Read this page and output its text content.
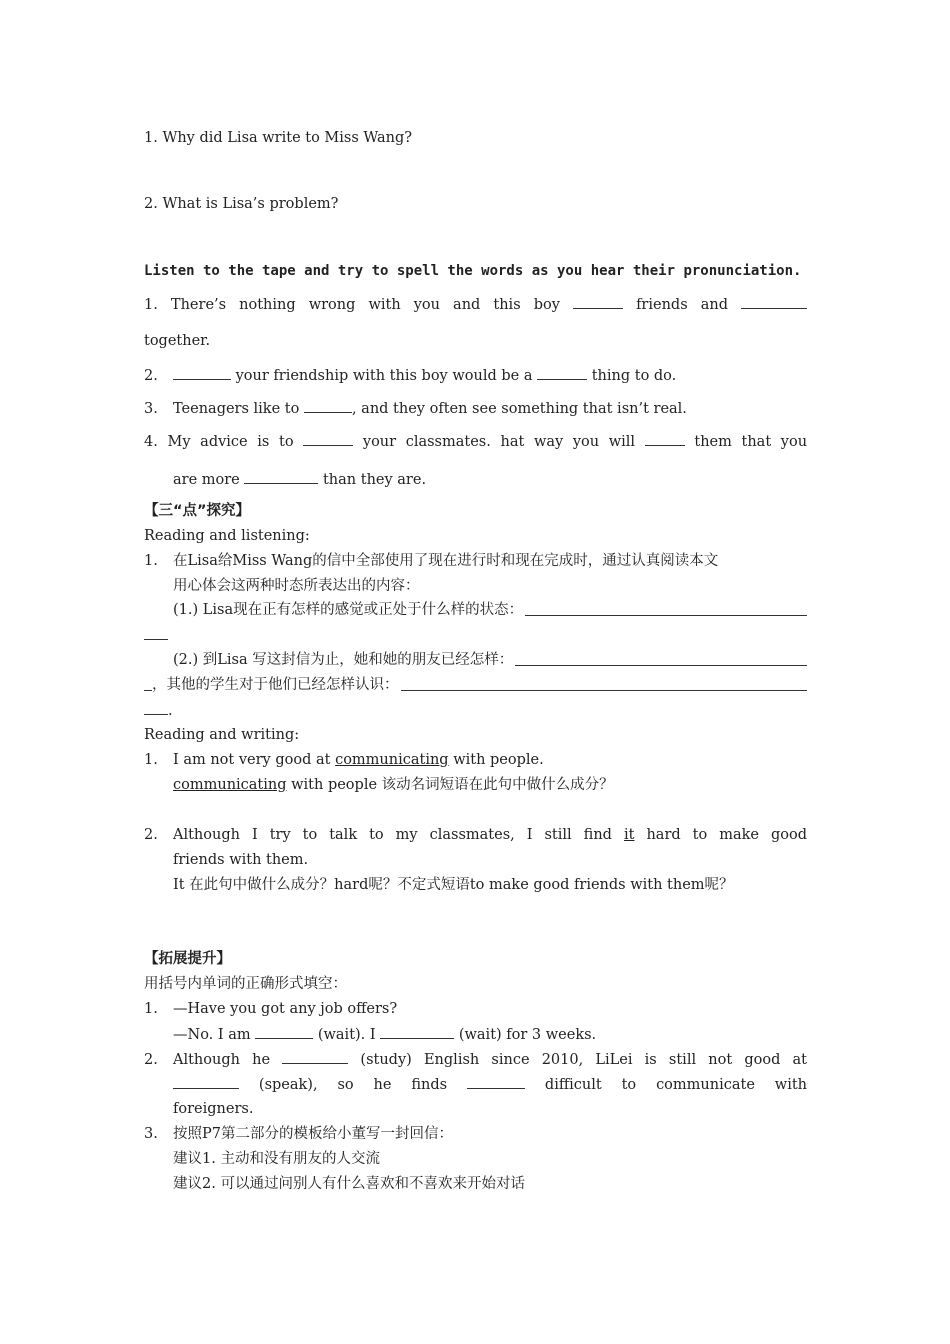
1. Why did Lisa write to Miss Wang?
2. What is Lisa’s problem?
Listen to the tape and try to spell the words as you hear their pronunciation.
1. There’s nothing wrong with you and this boy	friends and
together.
2.	your friendship with this boy would be a	thing to do.
3. Teenagers like to	, and they often see something that isn’t real.
4. My advice is to	your classmates. hat way you will	them that you
are more	than they are.
【三“点”探究】
Reading and listening:
1. 在Lisa给Miss Wang的信中全部使用了现在进行时和现在完成时，通过认真阅读本文
用心体会这两种时态所表达出的内容：
(1.) Lisa现在正有怎样的感觉或正处于什么样的状态：
(2.) 到Lisa 写这封信为止，她和她的朋友已经怎样：
，其他的学生对于他们已经怎样认识：
.
Reading and writing:
1. I am not very good at communicating with people.
communicating with people 该动名词短语在此句中做什么成分？
2. Although I try to talk to my classmates, I still find it hard to make good
friends with them.
It 在此句中做什么成分？hard呢？不定式短语to make good friends with them呢？
【拓展提升】
用括号内单词的正确形式填空：
1. —Have you got any job offers?
—No. I am	(wait). I	(wait) for 3 weeks.
2. Although he	(study) English since 2010, LiLei is still not good at
(speak), so he finds	difficult to communicate with
foreigners.
3. 按照P7第二部分的模板给小董写一封回信：
建议1. 主动和没有朋友的人交流
建议2. 可以通过问别人有什么喜欢和不喜欢来开始对话
